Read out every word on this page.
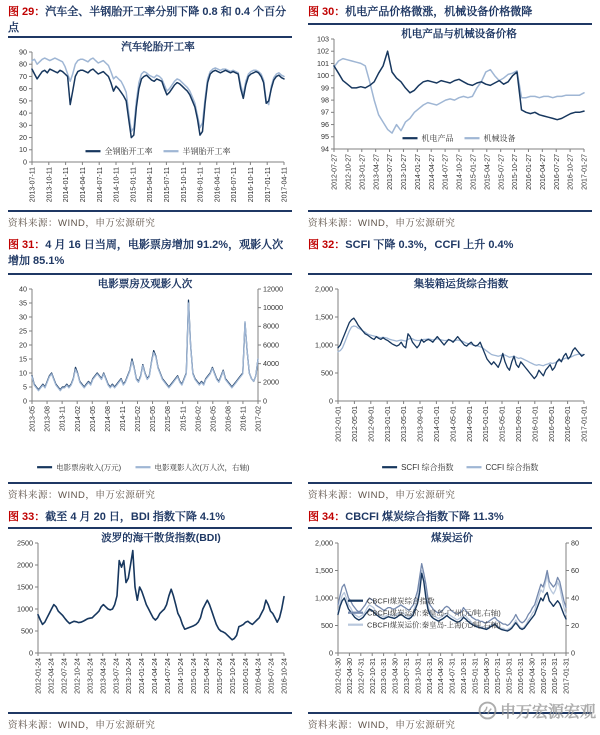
图 29：汽车全、半钢胎开工率分别下降 0.8 和 0.4 个百分点
0
10
20
30
40
50
60
70
80
90
2013-07-11 2013-10-11 2014-01-11 2014-04-11 2014-07-11 2014-10-11 2015-01-11 2015-04-11 2015-07-11 2015-10-11 2016-01-11 2016-04-11 2016-07-11 2016-10-11 2017-01-11 2017-04-11
汽车轮胎开工率
全钢胎开工率	半钢胎开工率
资料来源：WIND，申万宏源研究
图 30：机电产品价格微涨，机械设备价格微降
94
95
96
97
98
99
100
101
102
103
2012-07-27 2012-10-27 2013-01-27 2013-04-27 2013-07-27 2013-10-27 2014-01-27 2014-04-27 2014-07-27 2014-10-27 2015-01-27 2015-04-27 2015-07-27 2015-10-27 2016-01-27 2016-04-27 2016-07-27 2016-10-27 2017-01-27
机电产品与机械设备价格
机电产品	机械设备
资料来源：WIND，申万宏源研究
图 31：4 月 16 日当周，电影票房增加 91.2%，观影人次增加 85.1%
0
5
10
15
20
25
30
35
40
0
2000
4000
6000
8000
10000
12000
2013-05 2013-08 2013-11 2014-02 2014-05 2014-08 2014-11 2015-02 2015-05 2015-08 2015-11 2016-02 2016-05 2016-08 2016-11 2017-02
电影票房及观影人次
电影票房收入(万元)	电影观影人次(万人次，右轴)
资料来源：WIND，申万宏源研究
图 32：SCFI 下降 0.3%，CCFI 上升 0.4%
0
500
1,000
1,500
2,000
2012-01-01 2012-05-01 2012-09-01 2013-01-01 2013-05-01 2013-09-01 2014-01-01 2014-05-01 2014-09-01 2015-01-01 2015-05-01 2015-09-01 2016-01-01 2016-05-01 2016-09-01 2017-01-01
集装箱运货综合指数
SCFI 综合指数	CCFI 综合指数
资料来源：WIND，申万宏源研究
图 33：截至 4 月 20 日，BDI 指数下降 4.1%
0
500
1000
1500
2000
2500
2012-01-24 2012-04-24 2012-07-24 2012-10-24 2013-01-24 2013-04-24 2013-07-24 2013-10-24 2014-01-24 2014-04-24 2014-07-24 2014-10-24 2015-01-24 2015-04-24 2015-07-24 2015-10-24 2016-01-24 2016-04-24 2016-07-24 2016-10-24
波罗的海干散货指数(BDI)
资料来源：WIND，申万宏源研究
图 34：CBCFI 煤炭综合指数下降 11.3%
0
500
1,000
1,500
2,000
0
20
40
60
80
2012-01-30 2012-04-30 2012-07-31 2012-10-31 2013-01-31 2013-04-30 2013-07-31 2013-10-31 2014-01-31 2014-04-30 2014-07-31 2014-10-31 2015-01-31 2015-04-30 2015-07-31 2015-10-31 2016-01-31 2016-04-30 2016-07-31 2016-10-31 2017-01-31
煤炭运价
CBCFI煤炭综合指数
CBCFI煤炭运价:秦皇岛-广州(元/吨,右轴)
CBCFI煤炭运价:秦皇岛-上海(元/吨,右轴)
资料来源：WIND，申万宏源研究
申万宏源宏观
